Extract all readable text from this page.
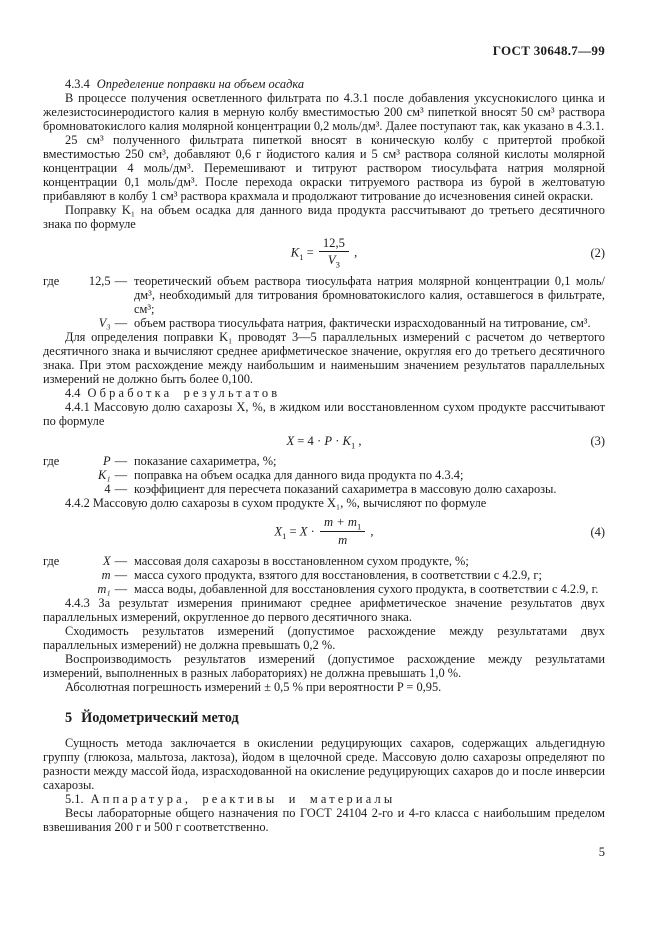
ГОСТ 30648.7—99

4.3.4 Определение поправки на объем осадка

В процессе получения осветленного фильтрата по 4.3.1 после добавления уксуснокислого цинка и железистосинеродистого калия в мерную колбу вместимостью 200 см³ пипеткой вносят 50 см³ раствора бромноватокислого калия молярной концентрации 0,2 моль/дм³. Далее поступают так, как указано в 4.3.1.

25 см³ полученного фильтрата пипеткой вносят в коническую колбу с притертой пробкой вместимостью 250 см³, добавляют 0,6 г йодистого калия и 5 см³ раствора соляной кислоты молярной концентрации 4 моль/дм³. Перемешивают и титруют раствором тиосульфата натрия молярной концентрации 0,1 моль/дм³. После перехода окраски титруемого раствора из бурой в желтоватую прибавляют в колбу 1 см³ раствора крахмала и продолжают титрование до исчезновения синей окраски.

Поправку K₁ на объем осадка для данного вида продукта рассчитывают до третьего десятичного знака по формуле

$K_1 = \frac{12,5}{V_3}$ ,	(2)
где 12,5 — теоретический объем раствора тиосульфата натрия молярной концентрации 0,1 моль/дм³, необходимый для титрования бромноватокислого калия, оставшегося в фильтрате, см³;
V₃ — объем раствора тиосульфата натрия, фактически израсходованный на титрование, см³.

Для определения поправки K₁ проводят 3—5 параллельных измерений с расчетом до четвертого десятичного знака и вычисляют среднее арифметическое значение, округляя его до третьего десятичного знака. При этом расхождение между наибольшим и наименьшим значением результатов параллельных измерений не должно быть более 0,100.

4.4 Обработка результатов

4.4.1 Массовую долю сахарозы X, %, в жидком или восстановленном сухом продукте рассчитывают по формуле

$X = 4 \cdot P \cdot K_1$ ,	(3)
где	P — показание сахариметра, %;
K₁ — поправка на объем осадка для данного вида продукта по 4.3.4;
4 — коэффициент для пересчета показаний сахариметра в массовую долю сахарозы.

4.4.2 Массовую долю сахарозы в сухом продукте X₁, %, вычисляют по формуле

$X_1 = X \cdot \frac{m + m_1}{m}$ ,	(4)
где	X — массовая доля сахарозы в восстановленном сухом продукте, %;
m — масса сухого продукта, взятого для восстановления, в соответствии с 4.2.9, г;
m₁ — масса воды, добавленной для восстановления сухого продукта, в соответствии с 4.2.9, г.

4.4.3 За результат измерения принимают среднее арифметическое значение результатов двух параллельных измерений, округленное до первого десятичного знака.

Сходимость результатов измерений (допустимое расхождение между результатами двух параллельных измерений) не должна превышать 0,2 %.

Воспроизводимость результатов измерений (допустимое расхождение между результатами измерений, выполненных в разных лабораториях) не должна превышать 1,0 %.

Абсолютная погрешность измерений ± 0,5 % при вероятности P = 0,95.

5 Йодометрический метод

Сущность метода заключается в окислении редуцирующих сахаров, содержащих альдегидную группу (глюкоза, мальтоза, лактоза), йодом в щелочной среде. Массовую долю сахарозы определяют по разности между массой йода, израсходованной на окисление редуцирующих сахаров до и после инверсии сахарозы.

5.1. Аппаратура, реактивы и материалы

Весы лабораторные общего назначения по ГОСТ 24104 2-го и 4-го класса с наибольшим пределом взвешивания 200 г и 500 г соответственно.

5
